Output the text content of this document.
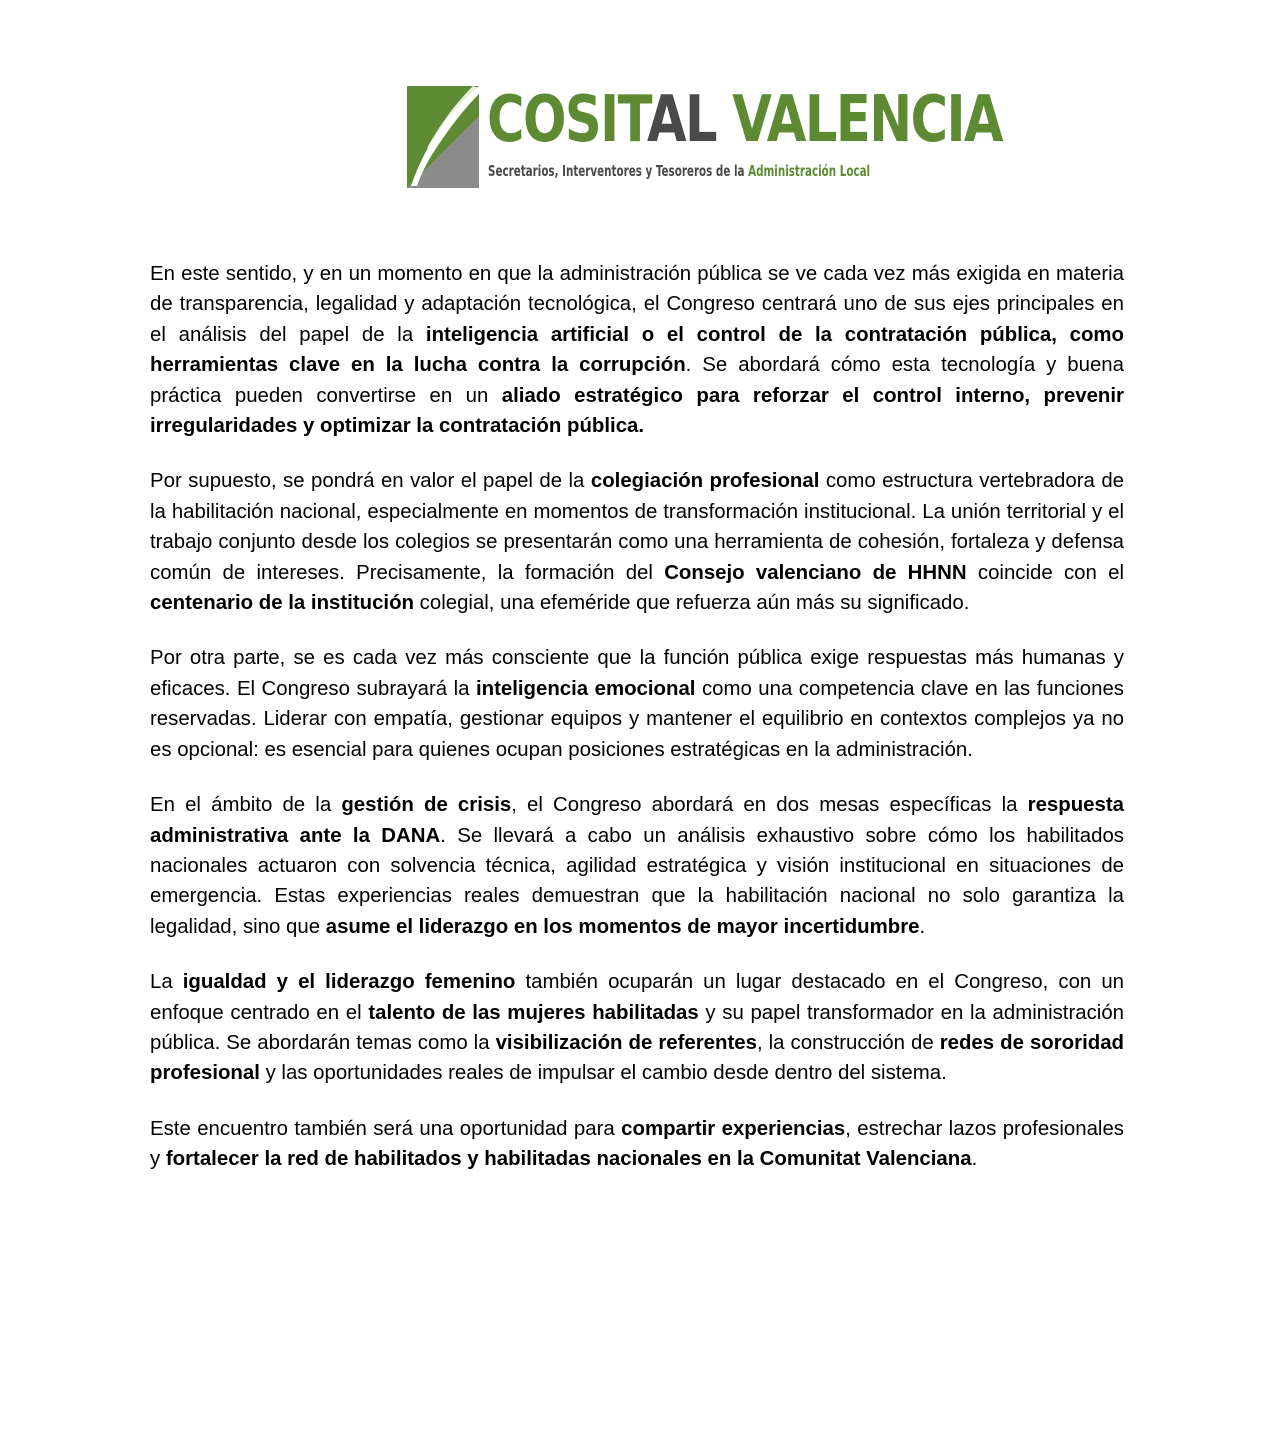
COSITAL VALENCIA
Secretarios, Interventores y Tesoreros de la Administración Local

En este sentido, y en un momento en que la administración pública se ve cada vez más exigida en materia de transparencia, legalidad y adaptación tecnológica, el Congreso centrará uno de sus ejes principales en el análisis del papel de la inteligencia artificial o el control de la contratación pública, como herramientas clave en la lucha contra la corrupción. Se abordará cómo esta tecnología y buena práctica pueden convertirse en un aliado estratégico para reforzar el control interno, prevenir irregularidades y optimizar la contratación pública.

Por supuesto, se pondrá en valor el papel de la colegiación profesional como estructura vertebradora de la habilitación nacional, especialmente en momentos de transformación institucional. La unión territorial y el trabajo conjunto desde los colegios se presentarán como una herramienta de cohesión, fortaleza y defensa común de intereses. Precisamente, la formación del Consejo valenciano de HHNN coincide con el centenario de la institución colegial, una efeméride que refuerza aún más su significado.

Por otra parte, se es cada vez más consciente que la función pública exige respuestas más humanas y eficaces. El Congreso subrayará la inteligencia emocional como una competencia clave en las funciones reservadas. Liderar con empatía, gestionar equipos y mantener el equilibrio en contextos complejos ya no es opcional: es esencial para quienes ocupan posiciones estratégicas en la administración.

En el ámbito de la gestión de crisis, el Congreso abordará en dos mesas específicas la respuesta administrativa ante la DANA. Se llevará a cabo un análisis exhaustivo sobre cómo los habilitados nacionales actuaron con solvencia técnica, agilidad estratégica y visión institucional en situaciones de emergencia. Estas experiencias reales demuestran que la habilitación nacional no solo garantiza la legalidad, sino que asume el liderazgo en los momentos de mayor incertidumbre.

La igualdad y el liderazgo femenino también ocuparán un lugar destacado en el Congreso, con un enfoque centrado en el talento de las mujeres habilitadas y su papel transformador en la administración pública. Se abordarán temas como la visibilización de referentes, la construcción de redes de sororidad profesional y las oportunidades reales de impulsar el cambio desde dentro del sistema.

Este encuentro también será una oportunidad para compartir experiencias, estrechar lazos profesionales y fortalecer la red de habilitados y habilitadas nacionales en la Comunitat Valenciana.
